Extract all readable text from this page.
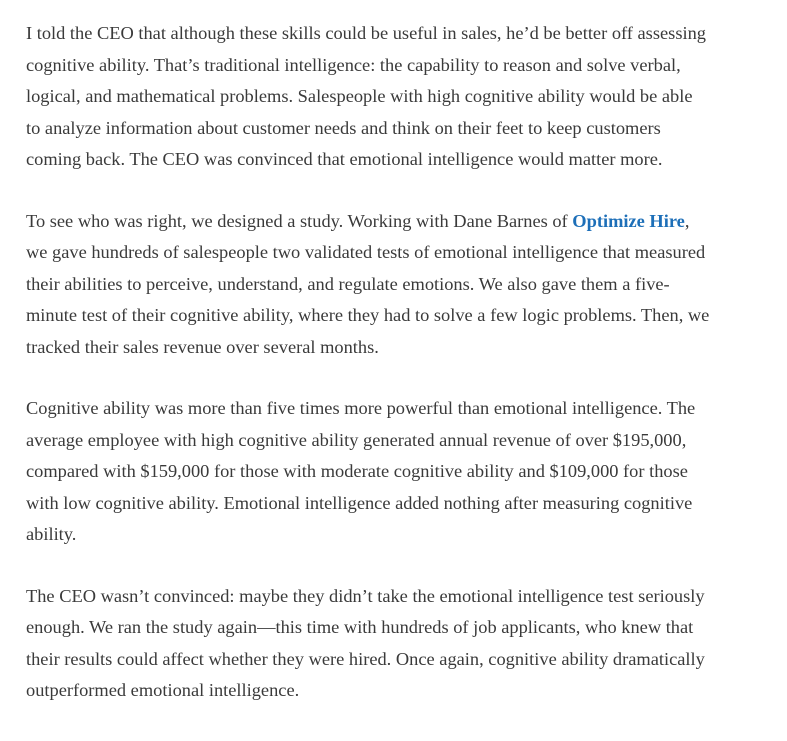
I told the CEO that although these skills could be useful in sales, he’d be better off assessing
cognitive ability. That’s traditional intelligence: the capability to reason and solve verbal,
logical, and mathematical problems. Salespeople with high cognitive ability would be able
to analyze information about customer needs and think on their feet to keep customers
coming back. The CEO was convinced that emotional intelligence would matter more.

To see who was right, we designed a study. Working with Dane Barnes of Optimize Hire,
we gave hundreds of salespeople two validated tests of emotional intelligence that measured
their abilities to perceive, understand, and regulate emotions. We also gave them a five-
minute test of their cognitive ability, where they had to solve a few logic problems. Then, we
tracked their sales revenue over several months.

Cognitive ability was more than five times more powerful than emotional intelligence. The
average employee with high cognitive ability generated annual revenue of over $195,000,
compared with $159,000 for those with moderate cognitive ability and $109,000 for those
with low cognitive ability. Emotional intelligence added nothing after measuring cognitive
ability.

The CEO wasn’t convinced: maybe they didn’t take the emotional intelligence test seriously
enough. We ran the study again—this time with hundreds of job applicants, who knew that
their results could affect whether they were hired. Once again, cognitive ability dramatically
outperformed emotional intelligence.
